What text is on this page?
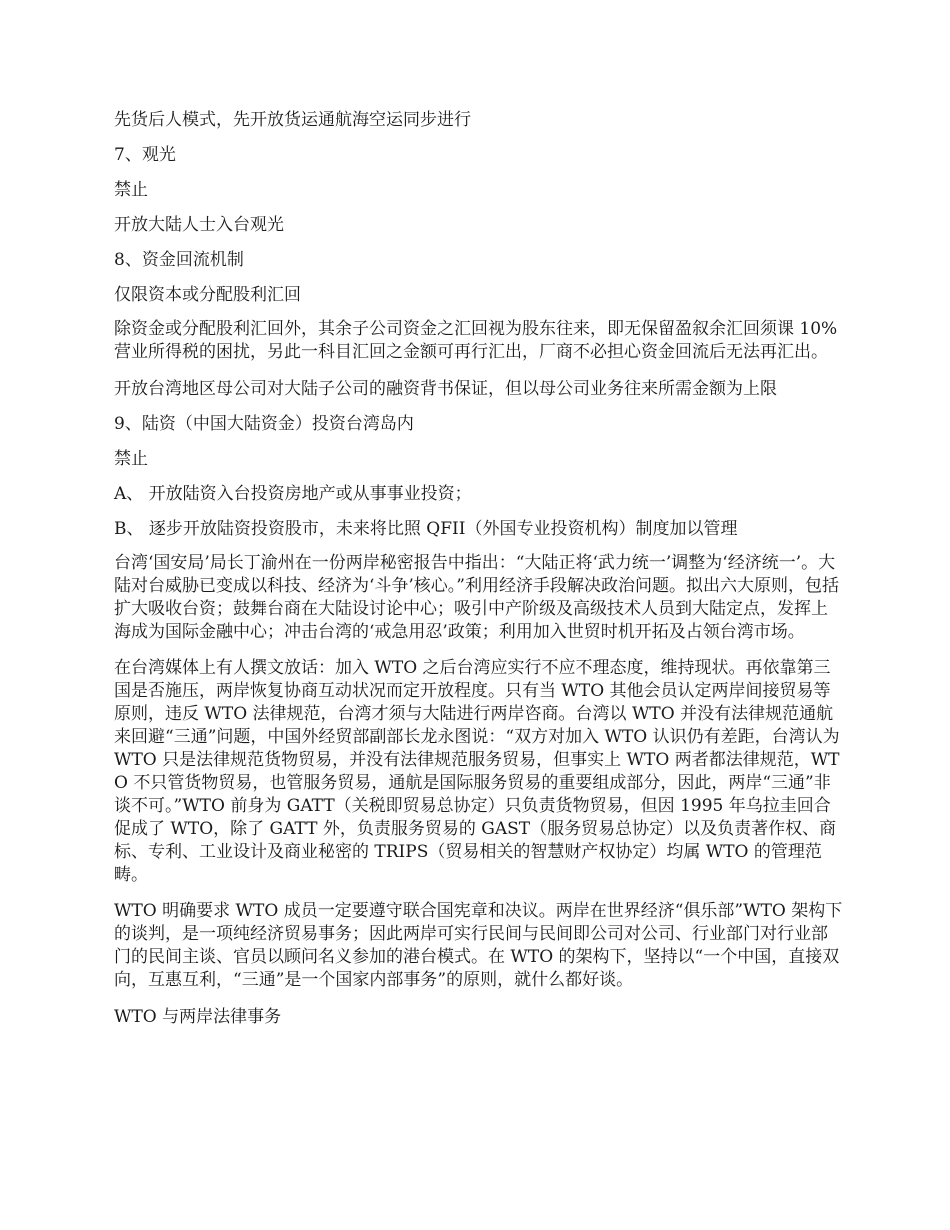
先货后人模式，先开放货运通航海空运同步进行

7、观光

禁止

开放大陆人士入台观光

8、资金回流机制

仅限资本或分配股利汇回

除资金或分配股利汇回外，其余子公司资金之汇回视为股东往来，即无保留盈叙余汇回须课 10%营业所得税的困扰，另此一科目汇回之金额可再行汇出，厂商不必担心资金回流后无法再汇出。

开放台湾地区母公司对大陆子公司的融资背书保证，但以母公司业务往来所需金额为上限

9、陆资（中国大陆资金）投资台湾岛内

禁止

A、 开放陆资入台投资房地产或从事事业投资；

B、 逐步开放陆资投资股市，未来将比照 QFII（外国专业投资机构）制度加以管理

台湾‘国安局’局长丁渝州在一份两岸秘密报告中指出：“大陆正将‘武力统一’调整为‘经济统一’。大陆对台威胁已变成以科技、经济为‘斗争’核心。”利用经济手段解决政治问题。拟出六大原则，包括扩大吸收台资；鼓舞台商在大陆设讨论中心；吸引中产阶级及高级技术人员到大陆定点，发挥上海成为国际金融中心；冲击台湾的‘戒急用忍’政策；利用加入世贸时机开拓及占领台湾市场。

在台湾媒体上有人撰文放话：加入 WTO 之后台湾应实行不应不理态度，维持现状。再依靠第三国是否施压，两岸恢复协商互动状况而定开放程度。只有当 WTO 其他会员认定两岸间接贸易等原则，违反 WTO 法律规范，台湾才须与大陆进行两岸咨商。台湾以 WTO 并没有法律规范通航来回避“三通”问题，中国外经贸部副部长龙永图说：“双方对加入 WTO 认识仍有差距，台湾认为 WTO 只是法律规范货物贸易，并没有法律规范服务贸易，但事实上 WTO 两者都法律规范，WTO 不只管货物贸易，也管服务贸易，通航是国际服务贸易的重要组成部分，因此，两岸“三通”非谈不可。”WTO 前身为 GATT（关税即贸易总协定）只负责货物贸易，但因 1995 年乌拉圭回合促成了 WTO，除了 GATT 外，负责服务贸易的 GAST（服务贸易总协定）以及负责著作权、商标、专利、工业设计及商业秘密的 TRIPS（贸易相关的智慧财产权协定）均属 WTO 的管理范畴。

WTO 明确要求 WTO 成员一定要遵守联合国宪章和决议。两岸在世界经济“俱乐部”WTO 架构下的谈判，是一项纯经济贸易事务；因此两岸可实行民间与民间即公司对公司、行业部门对行业部门的民间主谈、官员以顾问名义参加的港台模式。在 WTO 的架构下，坚持以“一个中国，直接双向，互惠互利，“三通”是一个国家内部事务”的原则，就什么都好谈。

WTO 与两岸法律事务
